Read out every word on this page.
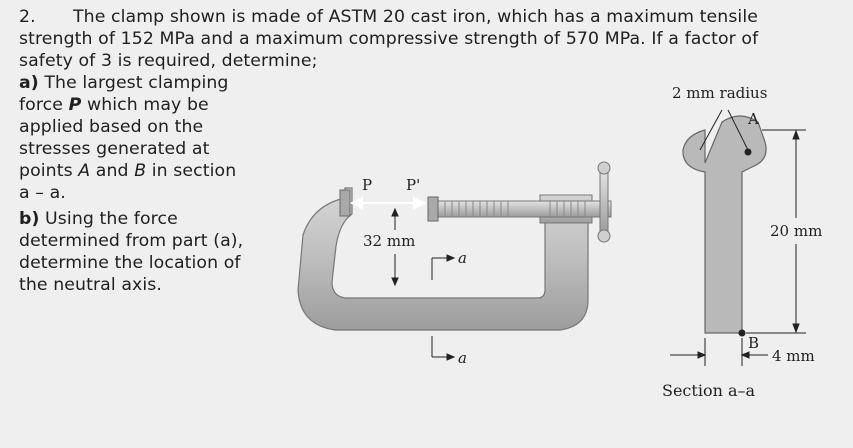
2. The clamp shown is made of ASTM 20 cast iron, which has a maximum tensile
strength of 152 MPa and a maximum compressive strength of 570 MPa. If a factor of
safety of 3 is required, determine;
a) The largest clamping
force P which may be
applied based on the
stresses generated at
points A and B in section
a – a.
b) Using the force
determined from part (a),
determine the location of
the neutral axis.
P P'
32 mm
a
a
2 mm radius
A
B
20 mm
4 mm
Section a–a
